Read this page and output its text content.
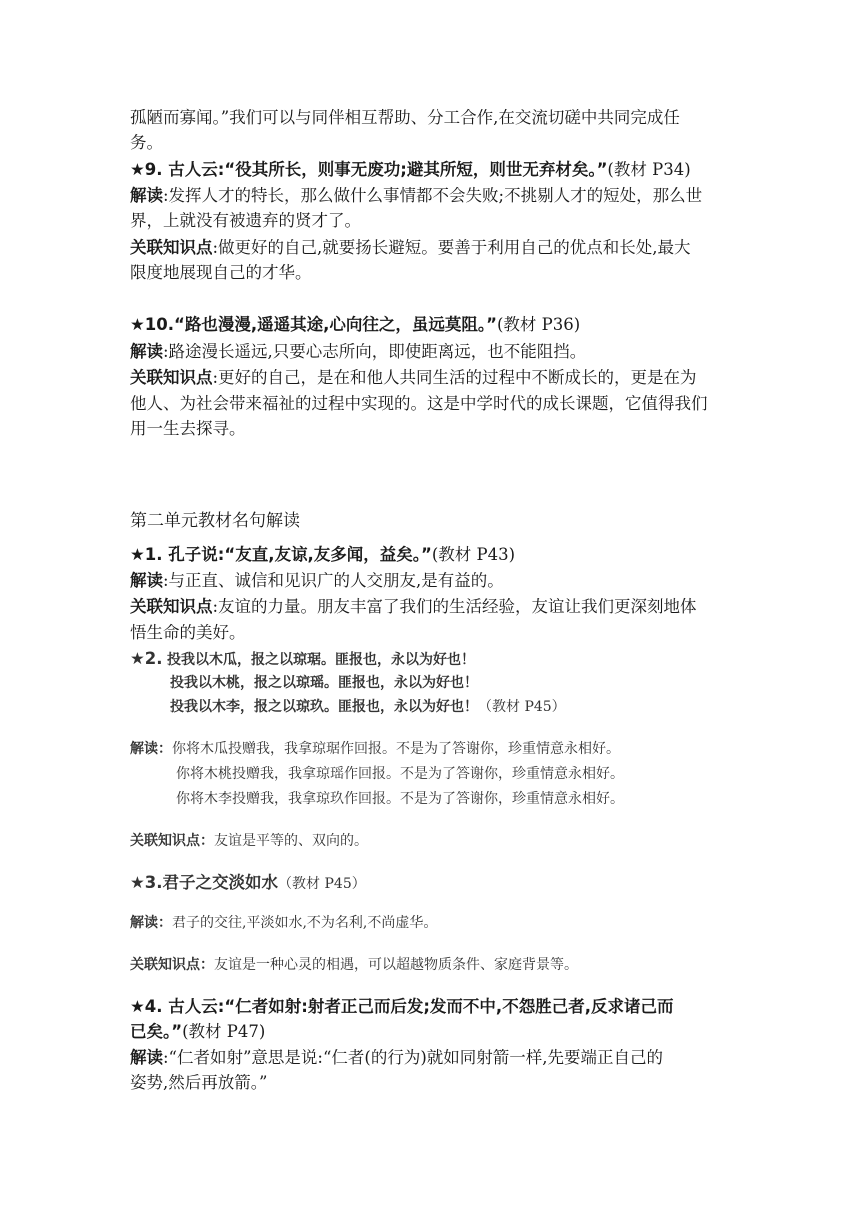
孤陋而寡闻。”我们可以与同伴相互帮助、分工合作,在交流切磋中共同完成任

务。

★9. 古人云:“役其所长，则事无废功;避其所短，则世无弃材矣。”(教材 P34)

解读:发挥人才的特长，那么做什么事情都不会失败;不挑剔人才的短处，那么世

界，上就没有被遗弃的贤才了。

关联知识点:做更好的自己,就要扬长避短。要善于利用自己的优点和长处,最大

限度地展现自己的才华。

★10.“路也漫漫,遥遥其途,心向往之，虽远莫阻。”(教材 P36)

解读:路途漫长遥远,只要心志所向，即使距离远，也不能阻挡。

关联知识点:更好的自己，是在和他人共同生活的过程中不断成长的，更是在为

他人、为社会带来福祉的过程中实现的。这是中学时代的成长课题，它值得我们

用一生去探寻。

第二单元教材名句解读

★1. 孔子说:“友直,友谅,友多闻，益矣。”(教材 P43)

解读:与正直、诚信和见识广的人交朋友,是有益的。

关联知识点:友谊的力量。朋友丰富了我们的生活经验，友谊让我们更深刻地体

悟生命的美好。

★2. 投我以木瓜，报之以琼琚。匪报也，永以为好也！

投我以木桃，报之以琼瑶。匪报也，永以为好也！

投我以木李，报之以琼玖。匪报也，永以为好也！（教材 P45）

解读：你将木瓜投赠我，我拿琼琚作回报。不是为了答谢你，珍重情意永相好。

你将木桃投赠我，我拿琼瑶作回报。不是为了答谢你，珍重情意永相好。

你将木李投赠我，我拿琼玖作回报。不是为了答谢你，珍重情意永相好。

关联知识点：友谊是平等的、双向的。

★3.君子之交淡如水（教材 P45）

解读：君子的交往,平淡如水,不为名利,不尚虚华。

关联知识点：友谊是一种心灵的相遇，可以超越物质条件、家庭背景等。

★4. 古人云:“仁者如射:射者正己而后发;发而不中,不怨胜己者,反求诸己而

已矣。”(教材 P47)

解读:“仁者如射”意思是说:“仁者(的行为)就如同射箭一样,先要端正自己的

姿势,然后再放箭。”
